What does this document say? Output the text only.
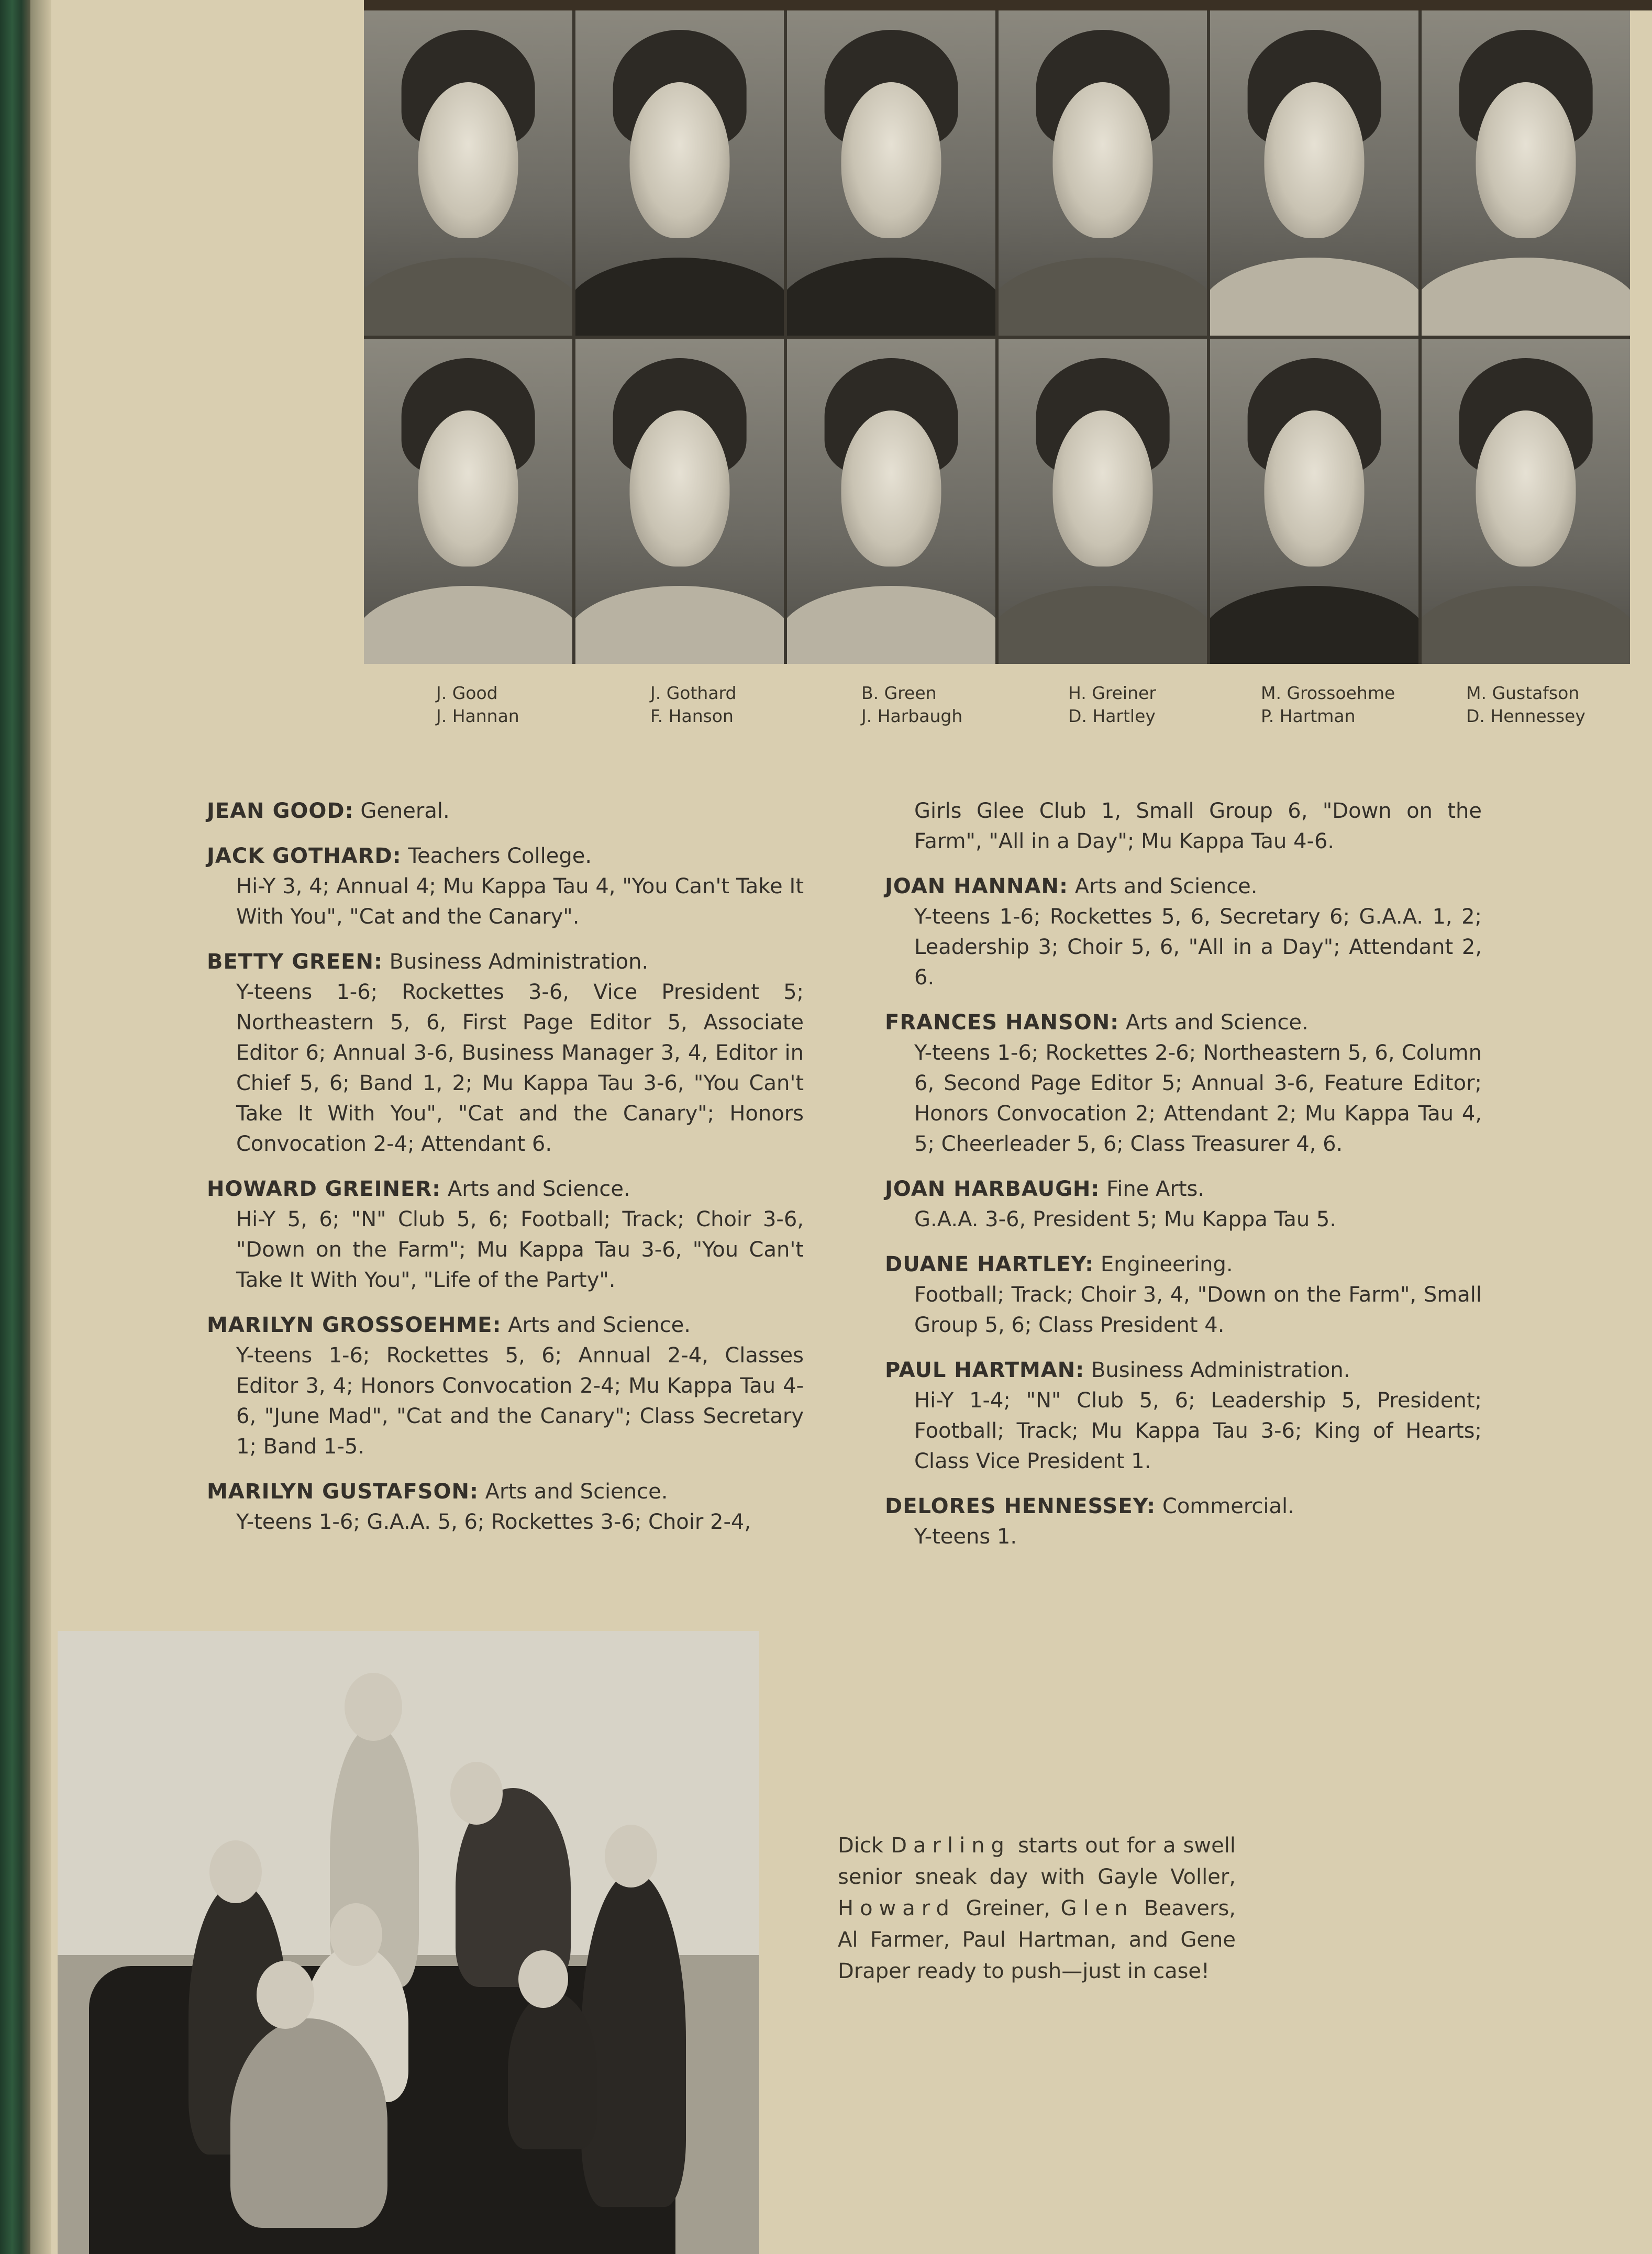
J. Good
J. Hannan
J. Gothard
F. Hanson
B. Green
J. Harbaugh
H. Greiner
D. Hartley
M. Grossoehme
P. Hartman
M. Gustafson
D. Hennessey
JEAN GOOD: General.
JACK GOTHARD: Teachers College.
Hi-Y 3, 4; Annual 4; Mu Kappa Tau 4, "You Can't Take It With You", "Cat and the Canary".
BETTY GREEN: Business Administration.
Y-teens 1-6; Rockettes 3-6, Vice President 5; Northeastern 5, 6, First Page Editor 5, Associate Editor 6; Annual 3-6, Business Manager 3, 4, Editor in Chief 5, 6; Band 1, 2; Mu Kappa Tau 3-6, "You Can't Take It With You", "Cat and the Canary"; Honors Convocation 2-4; Attendant 6.
HOWARD GREINER: Arts and Science.
Hi-Y 5, 6; "N" Club 5, 6; Football; Track; Choir 3-6, "Down on the Farm"; Mu Kappa Tau 3-6, "You Can't Take It With You", "Life of the Party".
MARILYN GROSSOEHME: Arts and Science.
Y-teens 1-6; Rockettes 5, 6; Annual 2-4, Classes Editor 3, 4; Honors Convocation 2-4; Mu Kappa Tau 4-6, "June Mad", "Cat and the Canary"; Class Secretary 1; Band 1-5.
MARILYN GUSTAFSON: Arts and Science.
Y-teens 1-6; G.A.A. 5, 6; Rockettes 3-6; Choir 2-4,
Girls Glee Club 1, Small Group 6, "Down on the Farm", "All in a Day"; Mu Kappa Tau 4-6.
JOAN HANNAN: Arts and Science.
Y-teens 1-6; Rockettes 5, 6, Secretary 6; G.A.A. 1, 2; Leadership 3; Choir 5, 6, "All in a Day"; Attendant 2, 6.
FRANCES HANSON: Arts and Science.
Y-teens 1-6; Rockettes 2-6; Northeastern 5, 6, Column 6, Second Page Editor 5; Annual 3-6, Feature Editor; Honors Convocation 2; Attendant 2; Mu Kappa Tau 4, 5; Cheerleader 5, 6; Class Treasurer 4, 6.
JOAN HARBAUGH: Fine Arts.
G.A.A. 3-6, President 5; Mu Kappa Tau 5.
DUANE HARTLEY: Engineering.
Football; Track; Choir 3, 4, "Down on the Farm", Small Group 5, 6; Class President 4.
PAUL HARTMAN: Business Administration.
Hi-Y 1-4; "N" Club 5, 6; Leadership 5, President; Football; Track; Mu Kappa Tau 3-6; King of Hearts; Class Vice President 1.
DELORES HENNESSEY: Commercial.
Y-teens 1.
Dick Darling starts out for a swell senior sneak day with Gayle Voller, Howard Greiner, Glen Beavers, Al Farmer, Paul Hartman, and Gene Draper ready to push—just in case!
